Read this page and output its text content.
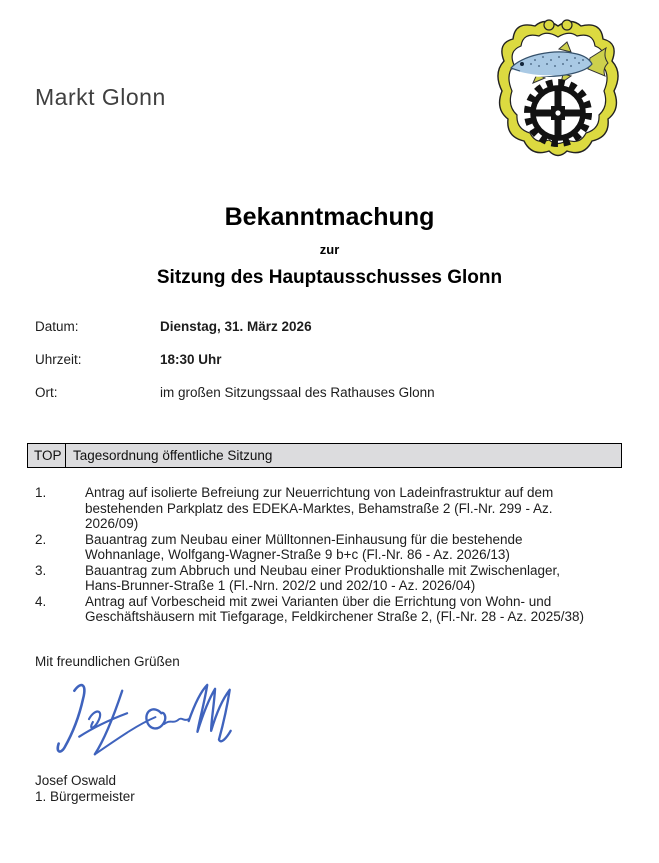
Markt Glonn
Bekanntmachung
zur
Sitzung des Hauptausschusses Glonn
Datum:	Dienstag, 31. März 2026
Uhrzeit:	18:30 Uhr
Ort:	im großen Sitzungssaal des Rathauses Glonn
TOP Tagesordnung öffentliche Sitzung
1.	Antrag auf isolierte Befreiung zur Neuerrichtung von Ladeinfrastruktur auf dem bestehenden Parkplatz des EDEKA-Marktes, Behamstraße 2 (Fl.-Nr. 299 - Az. 2026/09)
2.	Bauantrag zum Neubau einer Mülltonnen-Einhausung für die bestehende Wohnanlage, Wolfgang-Wagner-Straße 9 b+c (Fl.-Nr. 86 - Az. 2026/13)
3.	Bauantrag zum Abbruch und Neubau einer Produktionshalle mit Zwischenlager, Hans-Brunner-Straße 1 (Fl.-Nrn. 202/2 und 202/10 - Az. 2026/04)
4.	Antrag auf Vorbescheid mit zwei Varianten über die Errichtung von Wohn- und Geschäftshäusern mit Tiefgarage, Feldkirchener Straße 2, (Fl.-Nr. 28 - Az. 2025/38)
Mit freundlichen Grüßen
Josef Oswald
1. Bürgermeister
